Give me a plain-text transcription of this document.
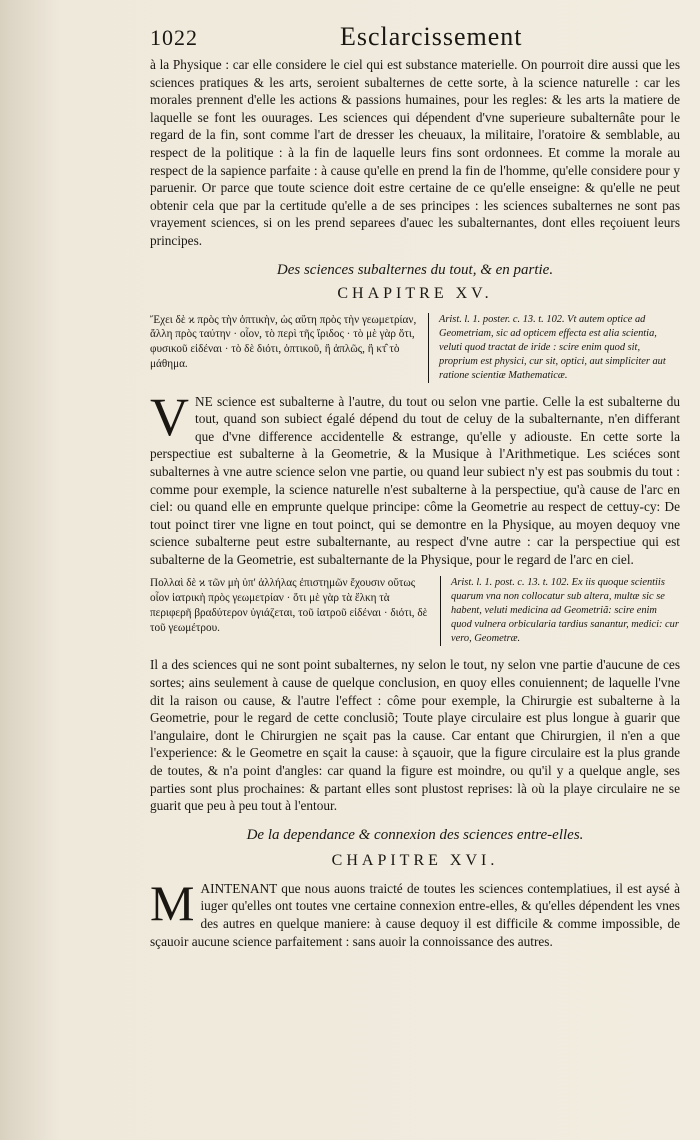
1022	Esclarcissement

à la Physique : car elle considere le ciel qui est substance materielle. On pourroit dire aussi que les sciences pratiques & les arts, seroient subalternes de cette sorte, à la science naturelle : car les morales prennent d'elle les actions & passions humaines, pour les regles: & les arts la matiere de laquelle se font les ouurages. Les sciences qui dépendent d'vne superieure subalternâte pour le regard de la fin, sont comme l'art de dresser les cheuaux, la militaire, l'oratoire & semblable, au respect de la politique : à la fin de laquelle leurs fins sont ordonnees. Et comme la morale au respect de la sapience parfaite : à cause qu'elle en prend la fin de l'homme, qu'elle considere pour y paruenir. Or parce que toute science doit estre certaine de ce qu'elle enseigne: & qu'elle ne peut obtenir cela que par la certitude qu'elle a de ses principes : les sciences subalternes ne sont pas vrayement sciences, si on les prend separees d'auec les subalternantes, dont elles reçoiuent leurs principes.

Des sciences subalternes du tout, & en partie.
CHAPITRE XV.
Ἔχει δὲ ϰ πρὸς τὴν ὀπτικὴν, ὡς αὕτη πρὸς τὴν γεωμετρίαν, ἄλλη πρὸς ταύτην · οἷον, τὸ περὶ τῆς ἴριδος · τὸ μὲ γὰρ ὅτι, φυσικοῦ εἰδέναι · τὸ δὲ διότι, ὀπτικοῦ, ἢ ἁπλῶς, ἢ κτ̂ τὸ μάθημα.
Arist. l. 1. poster. c. 13. t. 102. Vt autem optice ad Geometriam, sic ad opticem effecta est alia scientia, veluti quod tractat de iride : scire enim quod sit, proprium est physici, cur sit, optici, aut simpliciter aut ratione scientiæ Mathematicæ.

VNE science est subalterne à l'autre, du tout ou selon vne partie. Celle la est subalterne du tout, quand son subiect égalé dépend du tout de celuy de la subalternante, n'en differant que d'vne difference accidentelle & estrange, qu'elle y adiouste. En cette sorte la perspectiue est subalterne à la Geometrie, & la Musique à l'Arithmetique. Les sciéces sont subalternes à vne autre science selon vne partie, ou quand leur subiect n'y est pas soubmis du tout : comme pour exemple, la science naturelle n'est subalterne à la perspectiue, qu'à cause de l'arc en ciel: ou quand elle en emprunte quelque principe: côme la Geometrie au respect de cettuy-cy: De tout poinct tirer vne ligne en tout poinct, qui se demontre en la Physique, au moyen dequoy vne science subalterne peut estre subalternante, au respect d'vne autre : car la perspectiue qui est subalterne de la Geometrie, est subalternante de la Physique, pour le regard de l'arc en ciel.

Πολλαὶ δὲ ϰ τῶν μὴ ὑπ' ἀλλήλας ἐπιστημῶν ἔχουσιν οὕτως οἷον ἰατρικὴ πρὸς γεωμετρίαν · ὅτι μὲ γὰρ τὰ ἕλκη τὰ περιφερῆ βραδύτερον ὑγιάζεται, τοῦ ἰατροῦ εἰδέναι · διότι, δὲ τοῦ γεωμέτρου.
Arist. l. 1. post. c. 13. t. 102. Ex iis quoque scientiis quarum vna non collocatur sub altera, multæ sic se habent, veluti medicina ad Geometriã: scire enim quod vulnera orbicularia tardius sanantur, medici: cur vero, Geometræ.

Il a des sciences qui ne sont point subalternes, ny selon le tout, ny selon vne partie d'aucune de ces sortes; ains seulement à cause de quelque conclusion, en quoy elles conuiennent; de laquelle l'vne dit la raison ou cause, & l'autre l'effect : côme pour exemple, la Chirurgie est subalterne à la Geometrie, pour le regard de cette conclusiõ; Toute playe circulaire est plus longue à guarir que l'angulaire, dont le Chirurgien ne sçait pas la cause. Car entant que Chirurgien, il n'en a que l'experience: & le Geometre en sçait la cause: à sçauoir, que la figure circulaire est la plus grande de toutes, & n'a point d'angles: car quand la figure est moindre, ou qu'il y a quelque angle, ses parties sont plus prochaines: & partant elles sont plustost reprises: là où la playe circulaire ne se guarit que peu à peu tout à l'entour.

De la dependance & connexion des sciences entre-elles.
CHAPITRE XVI.

MAINTENANT que nous auons traicté de toutes les sciences contemplatiues, il est aysé à iuger qu'elles ont toutes vne certaine connexion entre-elles, & qu'elles dépendent les vnes des autres en quelque maniere: à cause dequoy il est difficile & comme impossible, de sçauoir aucune science parfaitement : sans auoir la connoissance des autres.
